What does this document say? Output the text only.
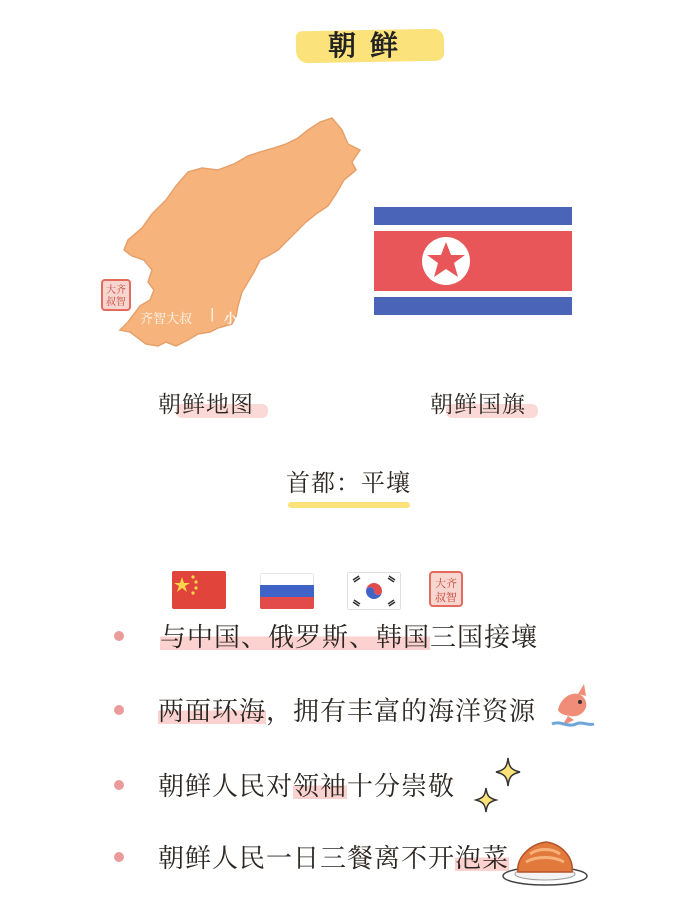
朝鲜
大齐
叔智
齐智大叔 | 小红书
朝鲜地图	朝鲜国旗
首都：平壤
大齐
叔智
与中国、俄罗斯、韩国三国接壤
两面环海，拥有丰富的海洋资源
朝鲜人民对领袖十分崇敬
朝鲜人民一日三餐离不开泡菜
